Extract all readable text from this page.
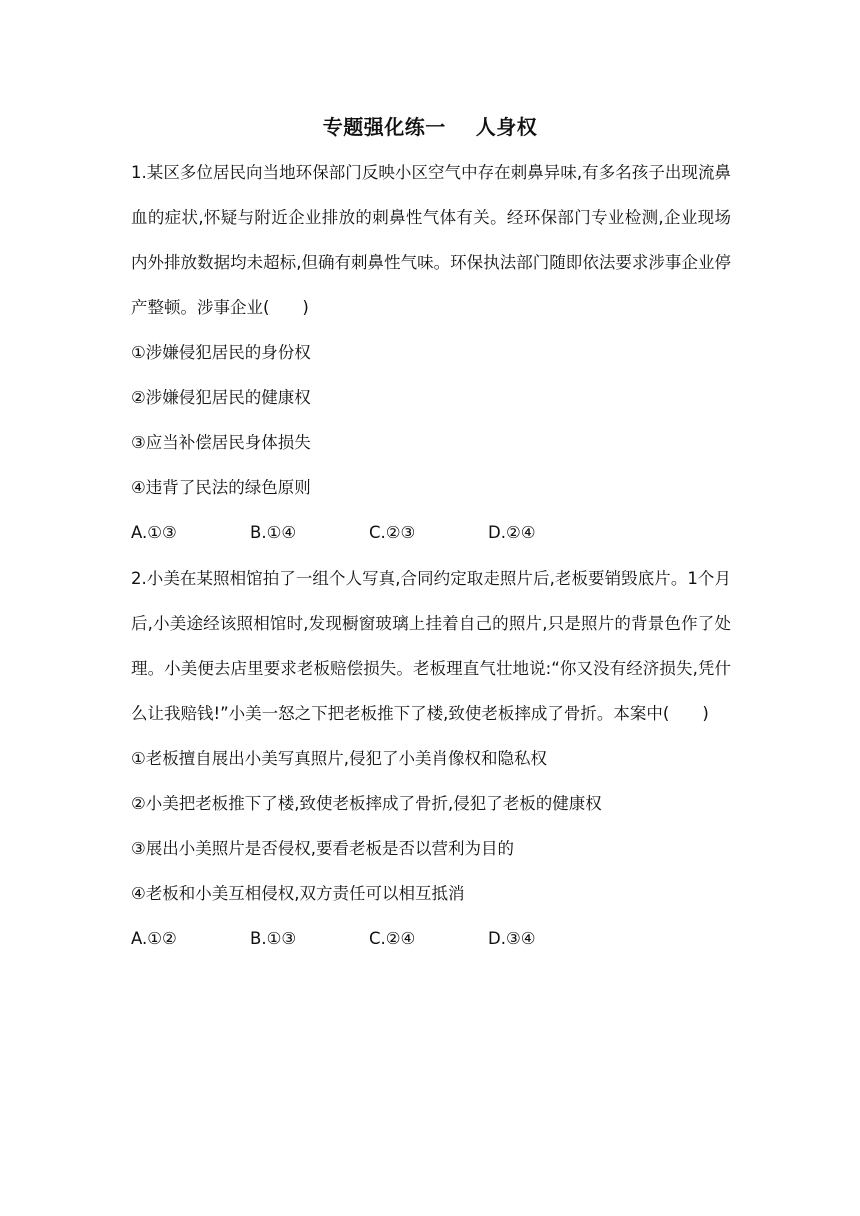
专题强化练一 人身权

1.某区多位居民向当地环保部门反映小区空气中存在刺鼻异味,有多名孩子出现流鼻血的症状,怀疑与附近企业排放的刺鼻性气体有关。经环保部门专业检测,企业现场内外排放数据均未超标,但确有刺鼻性气味。环保执法部门随即依法要求涉事企业停产整顿。涉事企业(　　)

①涉嫌侵犯居民的身份权

②涉嫌侵犯居民的健康权

③应当补偿居民身体损失

④违背了民法的绿色原则

A.①③	B.①④	C.②③	D.②④

2.小美在某照相馆拍了一组个人写真,合同约定取走照片后,老板要销毁底片。1个月后,小美途经该照相馆时,发现橱窗玻璃上挂着自己的照片,只是照片的背景色作了处理。小美便去店里要求老板赔偿损失。老板理直气壮地说:“你又没有经济损失,凭什么让我赔钱!”小美一怒之下把老板推下了楼,致使老板摔成了骨折。本案中(　　)

①老板擅自展出小美写真照片,侵犯了小美肖像权和隐私权

②小美把老板推下了楼,致使老板摔成了骨折,侵犯了老板的健康权

③展出小美照片是否侵权,要看老板是否以营利为目的

④老板和小美互相侵权,双方责任可以相互抵消

A.①②	B.①③	C.②④	D.③④
